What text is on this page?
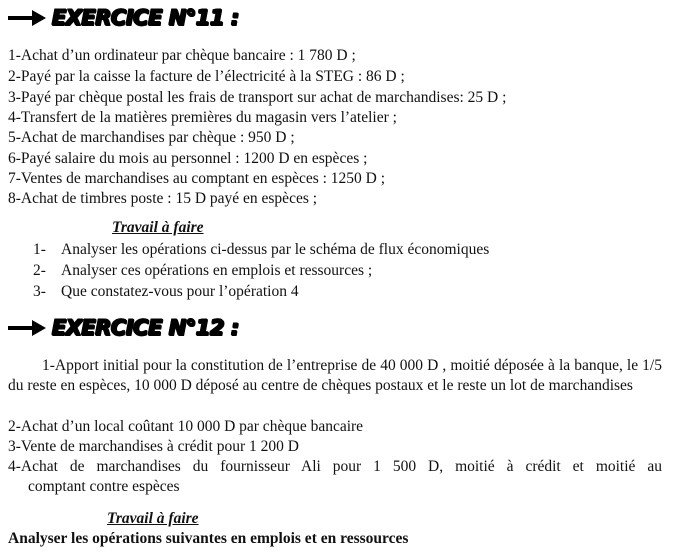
EXERCICE N°11 :
1-Achat d’un ordinateur par chèque bancaire : 1 780 D ;
2-Payé par la caisse la facture de l’électricité à la STEG : 86 D ;
3-Payé par chèque postal les frais de transport sur achat de marchandises: 25 D ;
4-Transfert de la matières premières du magasin vers l’atelier ;
5-Achat de marchandises par chèque : 950 D ;
6-Payé salaire du mois au personnel : 1200 D en espèces ;
7-Ventes de marchandises au comptant en espèces : 1250 D ;
8-Achat de timbres poste : 15 D payé en espèces ;
Travail à faire
1- Analyser les opérations ci-dessus par le schéma de flux économiques
2- Analyser ces opérations en emplois et ressources ;
3- Que constatez-vous pour l’opération 4
EXERCICE N°12 :

1-Apport initial pour la constitution de l’entreprise de 40 000 D , moitié déposée à la banque, le 1/5 du reste en espèces, 10 000 D déposé au centre de chèques postaux et le reste un lot de marchandises

2-Achat d’un local coûtant 10 000 D par chèque bancaire
3-Vente de marchandises à crédit pour 1 200 D

4-Achat de marchandises du fournisseur Ali pour 1 500 D, moitié à crédit et moitié au
comptant contre espèces

Travail à faire
Analyser les opérations suivantes en emplois et en ressources
